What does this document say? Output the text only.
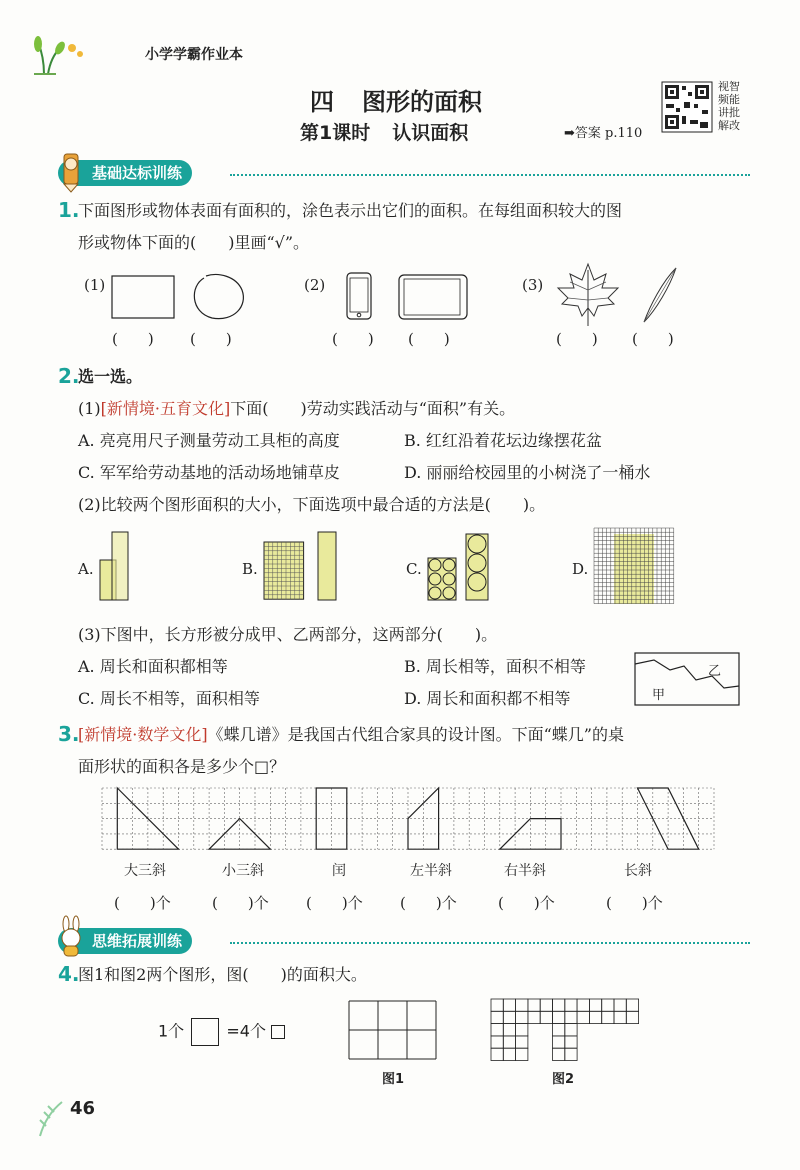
小学学霸作业本
四 图形的面积
第1课时 认识面积	➡答案 p.110
视智
频能
讲批
解改
基础达标训练
1.
下面图形或物体表面有面积的，涂色表示出它们的面积。在每组面积较大的图
形或物体下面的(　　)里画“√”。
(1)
(　　) (　　)
(2)
(　　) (　　)
(3)
(　　) (　　)
2.
选一选。
(1)[新情境·五育文化]下面(　　)劳动实践活动与“面积”有关。
A. 亮亮用尺子测量劳动工具柜的高度	B. 红红沿着花坛边缘摆花盆
C. 军军给劳动基地的活动场地铺草皮	D. 丽丽给校园里的小树浇了一桶水
(2)比较两个图形面积的大小，下面选项中最合适的方法是(　　)。
A.	B.	C.	D.
(3)下图中，长方形被分成甲、乙两部分，这两部分(　　)。
A. 周长和面积都相等	B. 周长相等，面积不相等
C. 周长不相等，面积相等	D. 周长和面积都不相等	甲
乙
3.
[新情境·数学文化]《蝶几谱》是我国古代组合家具的设计图。下面“蝶几”的桌
面形状的面积各是多少个□？
大三斜	小三斜	闰	左半斜	右半斜	长斜
(　　)个	(　　)个 (　　)个 (　　)个	(　　)个	(　　)个
思维拓展训练
4.
图1和图2两个图形，图(　　)的面积大。
1个	=4个
图1	图2
46
